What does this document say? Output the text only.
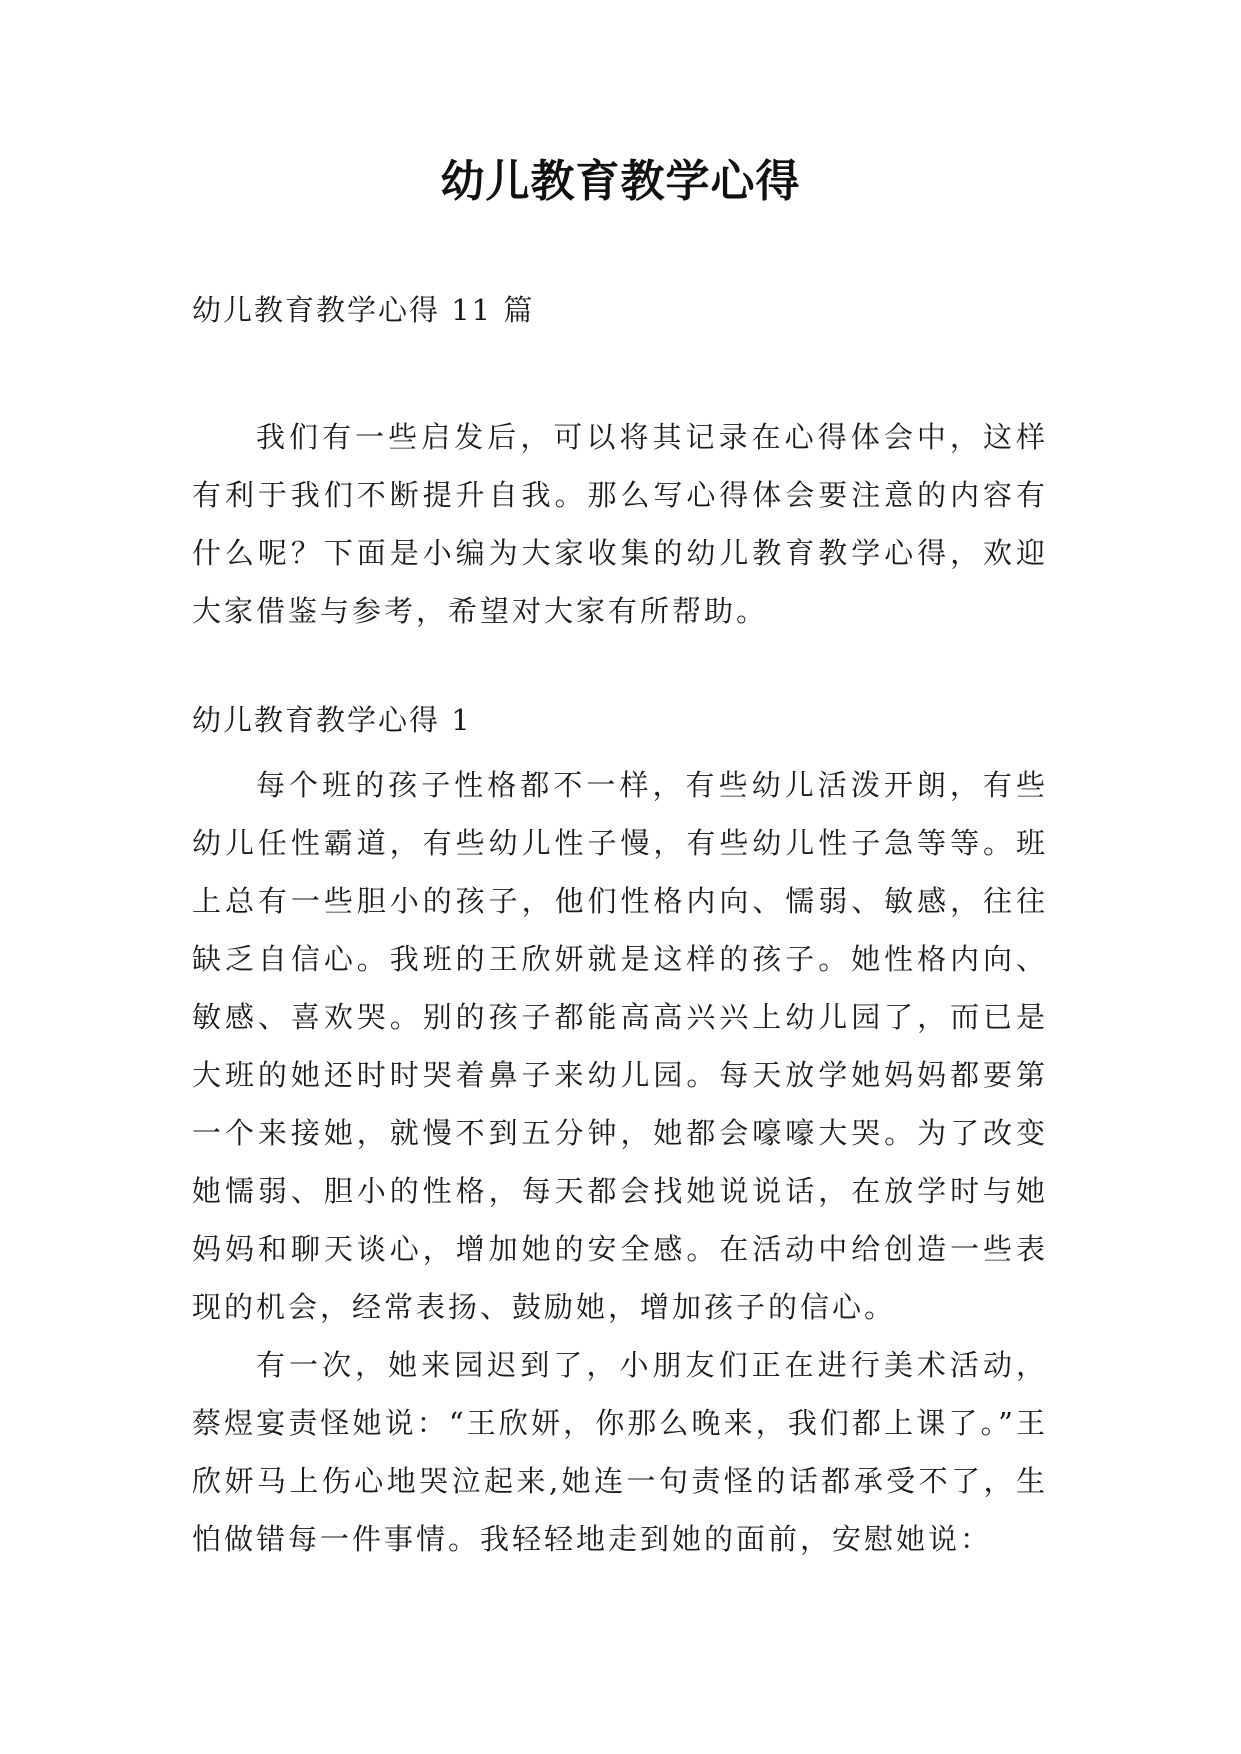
幼儿教育教学心得
幼儿教育教学心得 11 篇

我们有一些启发后，可以将其记录在心得体会中，这样有利于我们不断提升自我。那么写心得体会要注意的内容有什么呢？下面是小编为大家收集的幼儿教育教学心得，欢迎大家借鉴与参考，希望对大家有所帮助。

幼儿教育教学心得 1

每个班的孩子性格都不一样，有些幼儿活泼开朗，有些幼儿任性霸道，有些幼儿性子慢，有些幼儿性子急等等。班上总有一些胆小的孩子，他们性格内向、懦弱、敏感，往往缺乏自信心。我班的王欣妍就是这样的孩子。她性格内向、敏感、喜欢哭。别的孩子都能高高兴兴上幼儿园了，而已是大班的她还时时哭着鼻子来幼儿园。每天放学她妈妈都要第一个来接她，就慢不到五分钟，她都会嚎嚎大哭。为了改变她懦弱、胆小的性格，每天都会找她说说话，在放学时与她妈妈和聊天谈心，增加她的安全感。在活动中给创造一些表现的机会，经常表扬、鼓励她，增加孩子的信心。

有一次，她来园迟到了，小朋友们正在进行美术活动，蔡煜宴责怪她说：“王欣妍，你那么晚来，我们都上课了。”王欣妍马上伤心地哭泣起来,她连一句责怪的话都承受不了，生怕做错每一件事情。我轻轻地走到她的面前，安慰她说：
